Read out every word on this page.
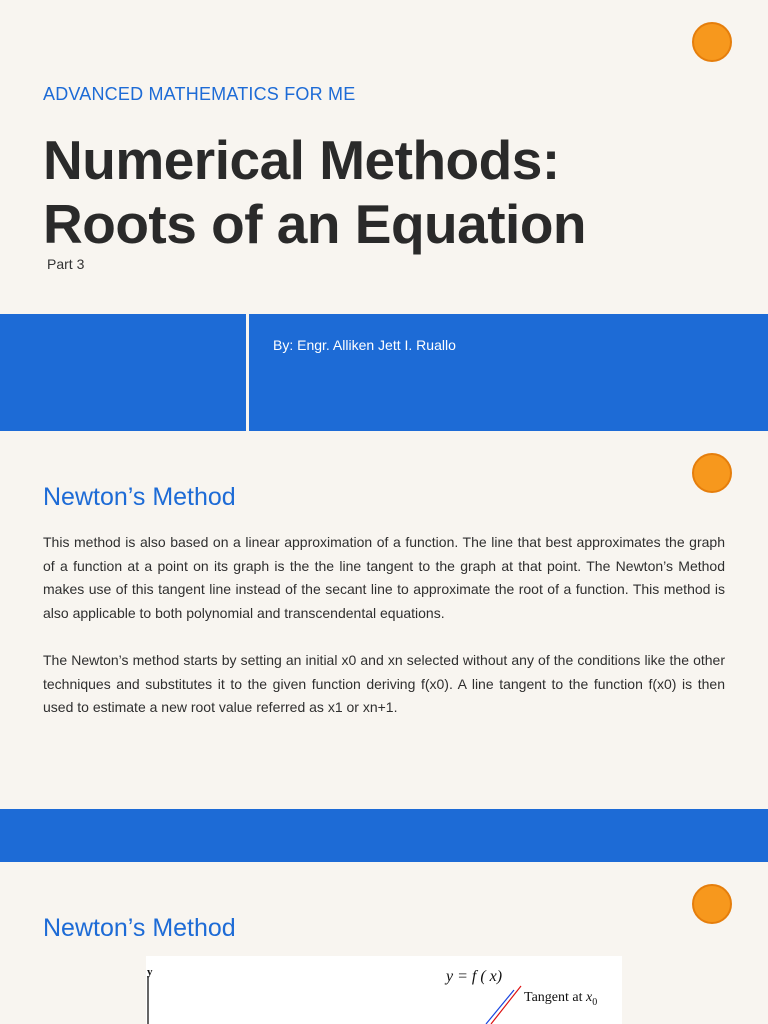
ADVANCED MATHEMATICS FOR ME
Numerical Methods:
Roots of an Equation
Part 3
By: Engr. Alliken Jett I. Ruallo
Newton’s Method

This method is also based on a linear approximation of a function. The line that best approximates the graph of a function at a point on its graph is the the line tangent to the graph at that point. The Newton’s Method makes use of this tangent line instead of the secant line to approximate the root of a function. This method is also applicable to both polynomial and transcendental equations.

The Newton’s method starts by setting an initial x0 and xn selected without any of the conditions like the other techniques and substitutes it to the given function deriving f(x0). A line tangent to the function f(x0) is then used to estimate a new root value referred as x1 or xn+1.

Newton’s Method
y	y = f ( x)
Tangent at $x_0$
